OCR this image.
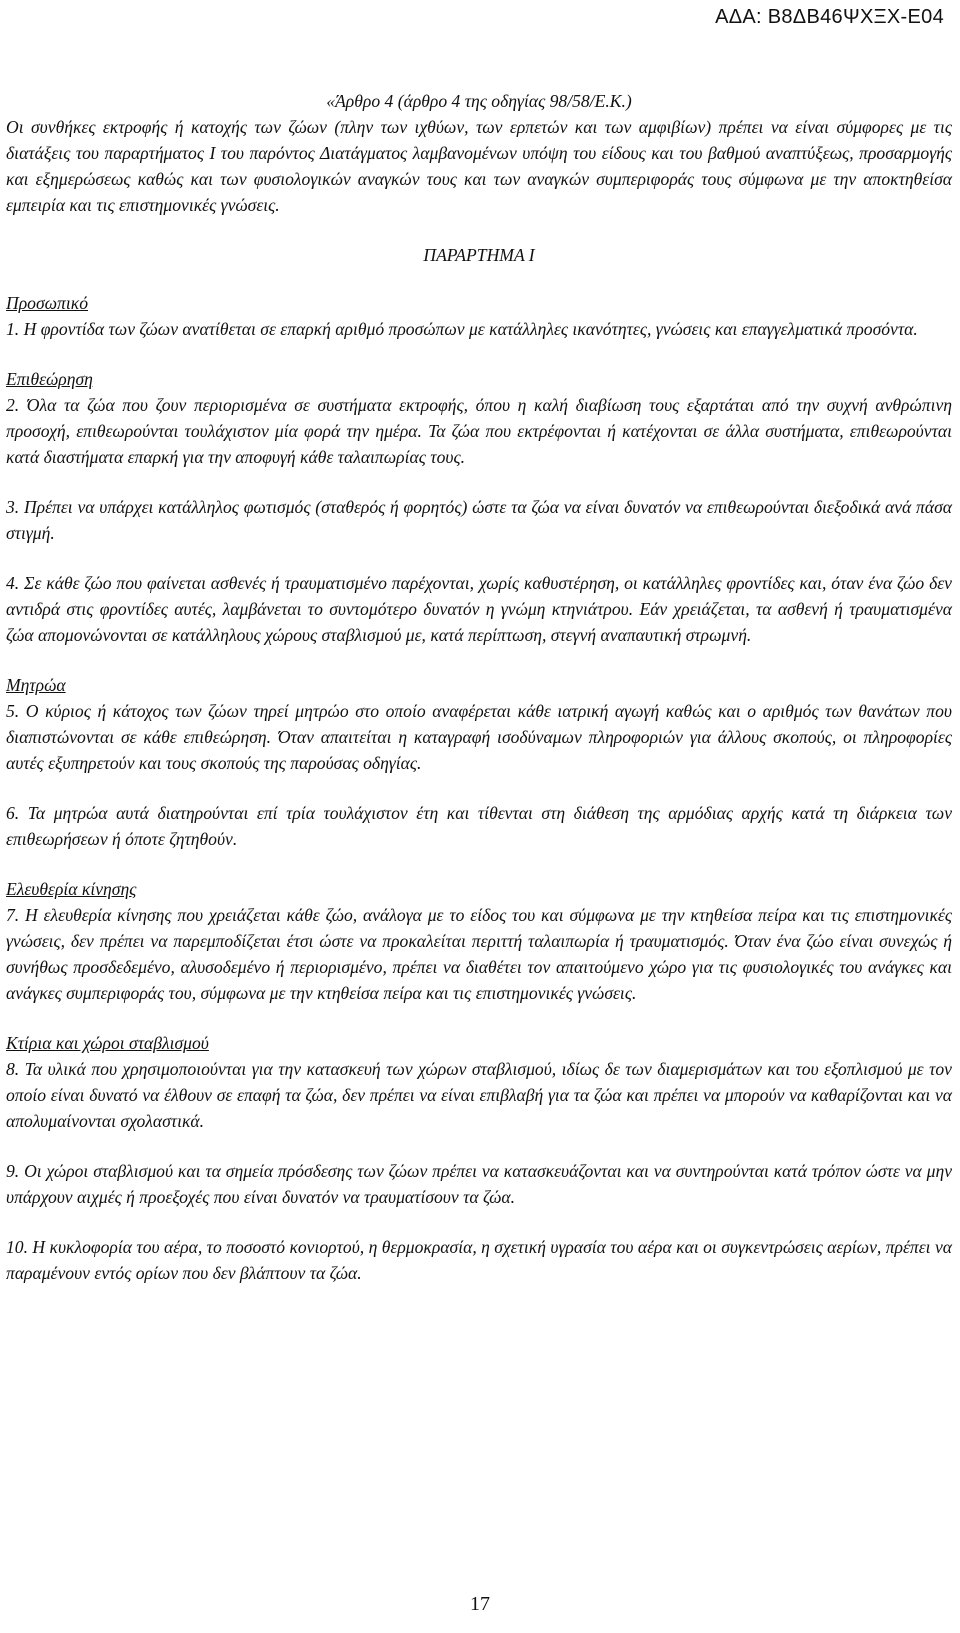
ΑΔΑ: Β8ΔΒ46ΨΧΞΧ-Ε04

«Άρθρο 4 (άρθρο 4 της οδηγίας 98/58/Ε.Κ.)

Οι συνθήκες εκτροφής ή κατοχής των ζώων (πλην των ιχθύων, των ερπετών και των αμφιβίων) πρέπει να είναι σύμφορες με τις διατάξεις του παραρτήματος Ι του παρόντος Διατάγματος λαμβανομένων υπόψη του είδους και του βαθμού αναπτύξεως, προσαρμογής και εξημερώσεως καθώς και των φυσιολογικών αναγκών τους και των αναγκών συμπεριφοράς τους σύμφωνα με την αποκτηθείσα εμπειρία και τις επιστημονικές γνώσεις.

ΠΑΡΑΡΤΗΜΑ Ι

Προσωπικό

1. Η φροντίδα των ζώων ανατίθεται σε επαρκή αριθμό προσώπων με κατάλληλες ικανότητες, γνώσεις και επαγγελματικά προσόντα.

Επιθεώρηση

2. Όλα τα ζώα που ζουν περιορισμένα σε συστήματα εκτροφής, όπου η καλή διαβίωση τους εξαρτάται από την συχνή ανθρώπινη προσοχή, επιθεωρούνται τουλάχιστον μία φορά την ημέρα. Τα ζώα που εκτρέφονται ή κατέχονται σε άλλα συστήματα, επιθεωρούνται κατά διαστήματα επαρκή για την αποφυγή κάθε ταλαιπωρίας τους.

3. Πρέπει να υπάρχει κατάλληλος φωτισμός (σταθερός ή φορητός) ώστε τα ζώα να είναι δυνατόν να επιθεωρούνται διεξοδικά ανά πάσα στιγμή.

4. Σε κάθε ζώο που φαίνεται ασθενές ή τραυματισμένο παρέχονται, χωρίς καθυστέρηση, οι κατάλληλες φροντίδες και, όταν ένα ζώο δεν αντιδρά στις φροντίδες αυτές, λαμβάνεται το συντομότερο δυνατόν η γνώμη κτηνιάτρου. Εάν χρειάζεται, τα ασθενή ή τραυματισμένα ζώα απομονώνονται σε κατάλληλους χώρους σταβλισμού με, κατά περίπτωση, στεγνή αναπαυτική στρωμνή.

Μητρώα

5. Ο κύριος ή κάτοχος των ζώων τηρεί μητρώο στο οποίο αναφέρεται κάθε ιατρική αγωγή καθώς και ο αριθμός των θανάτων που διαπιστώνονται σε κάθε επιθεώρηση. Όταν απαιτείται η καταγραφή ισοδύναμων πληροφοριών για άλλους σκοπούς, οι πληροφορίες αυτές εξυπηρετούν και τους σκοπούς της παρούσας οδηγίας.

6. Τα μητρώα αυτά διατηρούνται επί τρία τουλάχιστον έτη και τίθενται στη διάθεση της αρμόδιας αρχής κατά τη διάρκεια των επιθεωρήσεων ή όποτε ζητηθούν.

Ελευθερία κίνησης

7. Η ελευθερία κίνησης που χρειάζεται κάθε ζώο, ανάλογα με το είδος του και σύμφωνα με την κτηθείσα πείρα και τις επιστημονικές γνώσεις, δεν πρέπει να παρεμποδίζεται έτσι ώστε να προκαλείται περιττή ταλαιπωρία ή τραυματισμός. Όταν ένα ζώο είναι συνεχώς ή συνήθως προσδεδεμένο, αλυσοδεμένο ή περιορισμένο, πρέπει να διαθέτει τον απαιτούμενο χώρο για τις φυσιολογικές του ανάγκες και ανάγκες συμπεριφοράς του, σύμφωνα με την κτηθείσα πείρα και τις επιστημονικές γνώσεις.

Κτίρια και χώροι σταβλισμού

8. Τα υλικά που χρησιμοποιούνται για την κατασκευή των χώρων σταβλισμού, ιδίως δε των διαμερισμάτων και του εξοπλισμού με τον οποίο είναι δυνατό να έλθουν σε επαφή τα ζώα, δεν πρέπει να είναι επιβλαβή για τα ζώα και πρέπει να μπορούν να καθαρίζονται και να απολυμαίνονται σχολαστικά.

9. Οι χώροι σταβλισμού και τα σημεία πρόσδεσης των ζώων πρέπει να κατασκευάζονται και να συντηρούνται κατά τρόπον ώστε να μην υπάρχουν αιχμές ή προεξοχές που είναι δυνατόν να τραυματίσουν τα ζώα.

10. Η κυκλοφορία του αέρα, το ποσοστό κονιορτού, η θερμοκρασία, η σχετική υγρασία του αέρα και οι συγκεντρώσεις αερίων, πρέπει να παραμένουν εντός ορίων που δεν βλάπτουν τα ζώα.

17
